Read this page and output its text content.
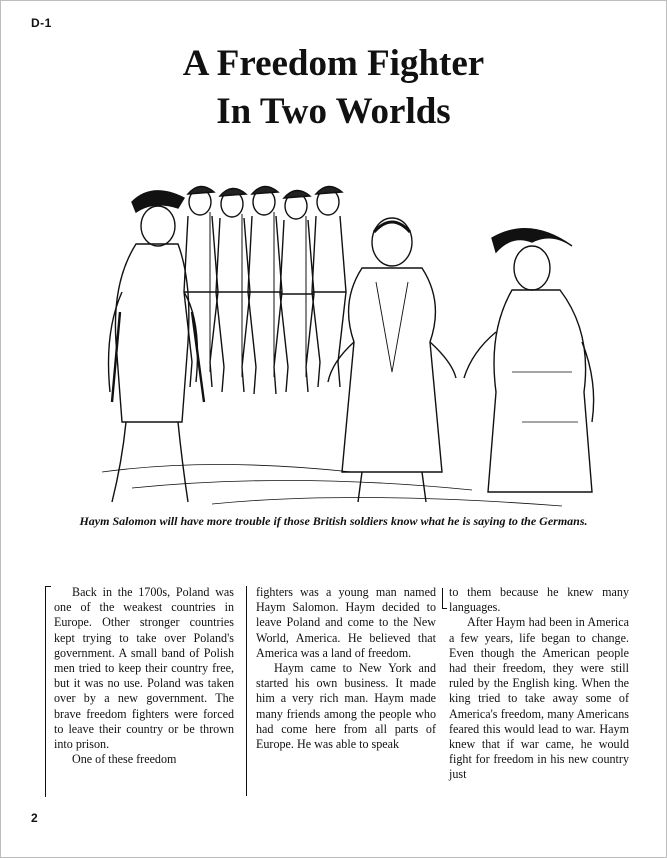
D-1
A Freedom Fighter
In Two Worlds

Haym Salomon will have more trouble if those British soldiers know what he is saying to the Germans.

Back in the 1700s, Poland was one of the weakest countries in Europe. Other stronger countries kept trying to take over Poland's government. A small band of Polish men tried to keep their country free, but it was no use. Poland was taken over by a new government. The brave freedom fighters were forced to leave their country or be thrown into prison.

One of these freedom

fighters was a young man named Haym Salomon. Haym decided to leave Poland and come to the New World, America. He believed that America was a land of freedom.

Haym came to New York and started his own business. It made him a very rich man. Haym made many friends among the people who had come here from all parts of Europe. He was able to speak

to them because he knew many languages.

After Haym had been in America a few years, life began to change. Even though the American people had their freedom, they were still ruled by the English king. When the king tried to take away some of America's freedom, many Americans feared this would lead to war. Haym knew that if war came, he would fight for freedom in his new country just

2
